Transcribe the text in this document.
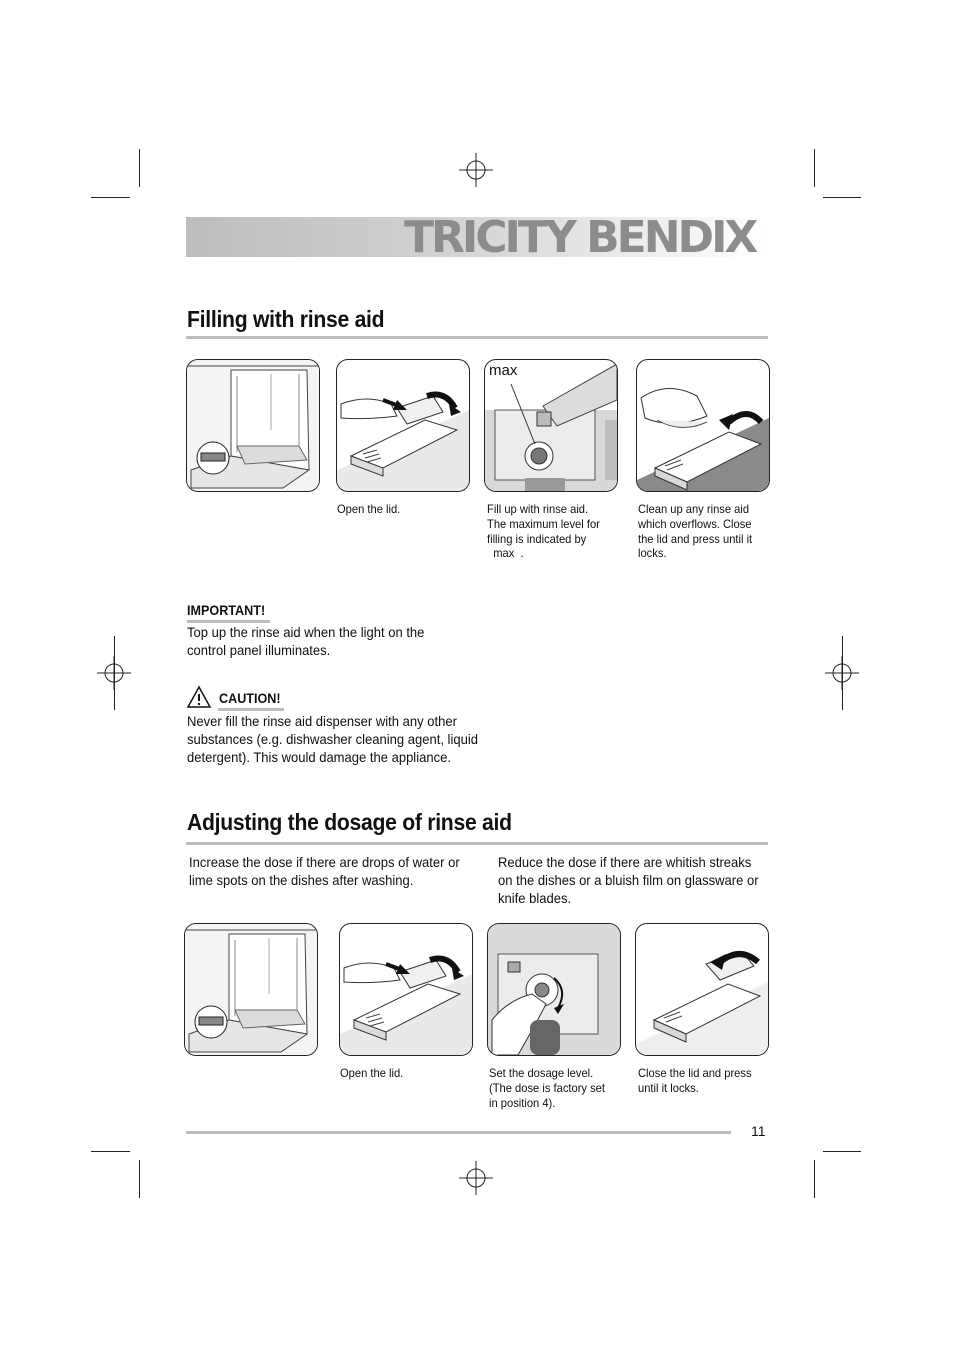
TRICITY BENDIX
Filling with rinse aid
max
Open the lid.	Fill up with rinse aid.
The maximum level for
filling is indicated by
max  .
Clean up any rinse aid
which overflows. Close
the lid and press until it
locks.
IMPORTANT!
Top up the rinse aid when the light on the
control panel illuminates.
CAUTION!
Never fill the rinse aid dispenser with any other
substances (e.g. dishwasher cleaning agent, liquid
detergent). This would damage the appliance.
Adjusting the dosage of rinse aid
Increase the dose if there are drops of water or
lime spots on the dishes after washing.
Reduce the dose if there are whitish streaks
on the dishes or a bluish film on glassware or
knife blades.
Open the lid.	Set the dosage level.
(The dose is factory set
in position 4).
Close the lid and press
until it locks.
11
